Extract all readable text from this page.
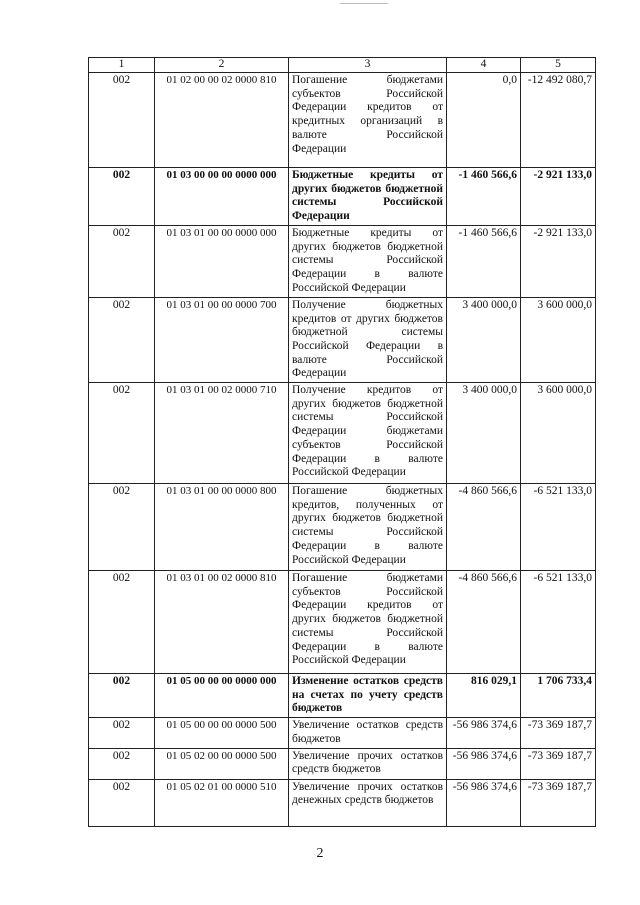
1	2	3	4	5
002	01 02 00 00 02 0000 810	Погашение бюджетами субъектов Российской Федерации кредитов от кредитных организаций в валюте Российской Федерации	0,0	-12 492 080,7
002	01 03 00 00 00 0000 000	Бюджетные кредиты от других бюджетов бюджетной системы Российской Федерации	-1 460 566,6	-2 921 133,0
002	01 03 01 00 00 0000 000	Бюджетные кредиты от других бюджетов бюджетной системы Российской Федерации в валюте Российской Федерации	-1 460 566,6	-2 921 133,0
002	01 03 01 00 00 0000 700	Получение бюджетных кредитов от других бюджетов бюджетной системы Российской Федерации в валюте Российской Федерации	3 400 000,0	3 600 000,0
002	01 03 01 00 02 0000 710	Получение кредитов от других бюджетов бюджетной системы Российской Федерации бюджетами субъектов Российской Федерации в валюте Российской Федерации	3 400 000,0	3 600 000,0
002	01 03 01 00 00 0000 800	Погашение бюджетных кредитов, полученных от других бюджетов бюджетной системы Российской Федерации в валюте Российской Федерации	-4 860 566,6	-6 521 133,0
002	01 03 01 00 02 0000 810	Погашение бюджетами субъектов Российской Федерации кредитов от других бюджетов бюджетной системы Российской Федерации в валюте Российской Федерации	-4 860 566,6	-6 521 133,0
002	01 05 00 00 00 0000 000	Изменение остатков средств на счетах по учету средств бюджетов	816 029,1	1 706 733,4
002	01 05 00 00 00 0000 500	Увеличение остатков средств бюджетов	-56 986 374,6	-73 369 187,7
002	01 05 02 00 00 0000 500	Увеличение прочих остатков средств бюджетов	-56 986 374,6	-73 369 187,7
002	01 05 02 01 00 0000 510	Увеличение прочих остатков денежных средств бюджетов	-56 986 374,6	-73 369 187,7
2
